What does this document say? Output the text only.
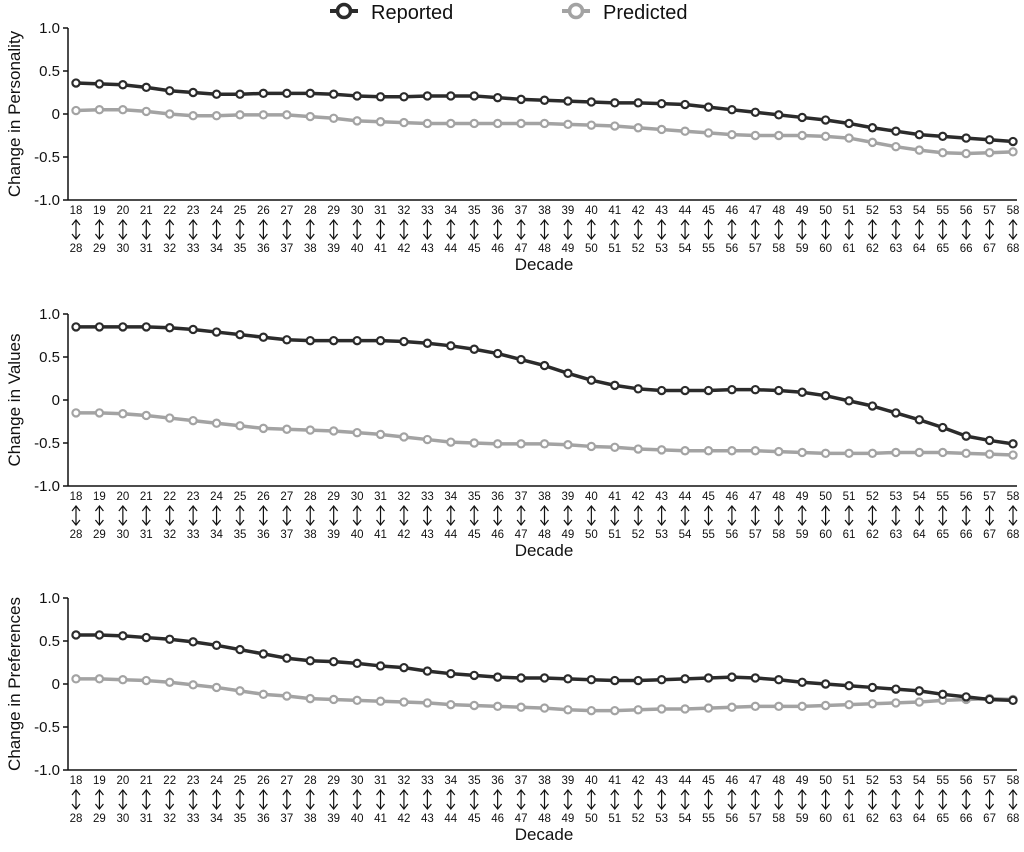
Reported	Predicted
1.0
0.5
0
-0.5
-1.0
Change in Personality
18
28
19
29
20
30
21
31
22
32
23
33
24
34
25
35
26
36
27
37
28
38
29
39
30
40
31
41
32
42
33
43
34
44
35
45
36
46
37
47
38
48
39
49
40
50
41
51
42
52
43
53
44
54
45
55
46
56
47
57
48
58
49
59
50
60
51
61
52
62
53
63
54
64
55
65
56
66
57
67
58
68
Decade
1.0
0.5
0
-0.5
-1.0
Change in Values
18
28
19
29
20
30
21
31
22
32
23
33
24
34
25
35
26
36
27
37
28
38
29
39
30
40
31
41
32
42
33
43
34
44
35
45
36
46
37
47
38
48
39
49
40
50
41
51
42
52
43
53
44
54
45
55
46
56
47
57
48
58
49
59
50
60
51
61
52
62
53
63
54
64
55
65
56
66
57
67
58
68
Decade
1.0
0.5
0
-0.5
-1.0
Change in Preferences
18
28
19
29
20
30
21
31
22
32
23
33
24
34
25
35
26
36
27
37
28
38
29
39
30
40
31
41
32
42
33
43
34
44
35
45
36
46
37
47
38
48
39
49
40
50
41
51
42
52
43
53
44
54
45
55
46
56
47
57
48
58
49
59
50
60
51
61
52
62
53
63
54
64
55
65
56
66
57
67
58
68
Decade
